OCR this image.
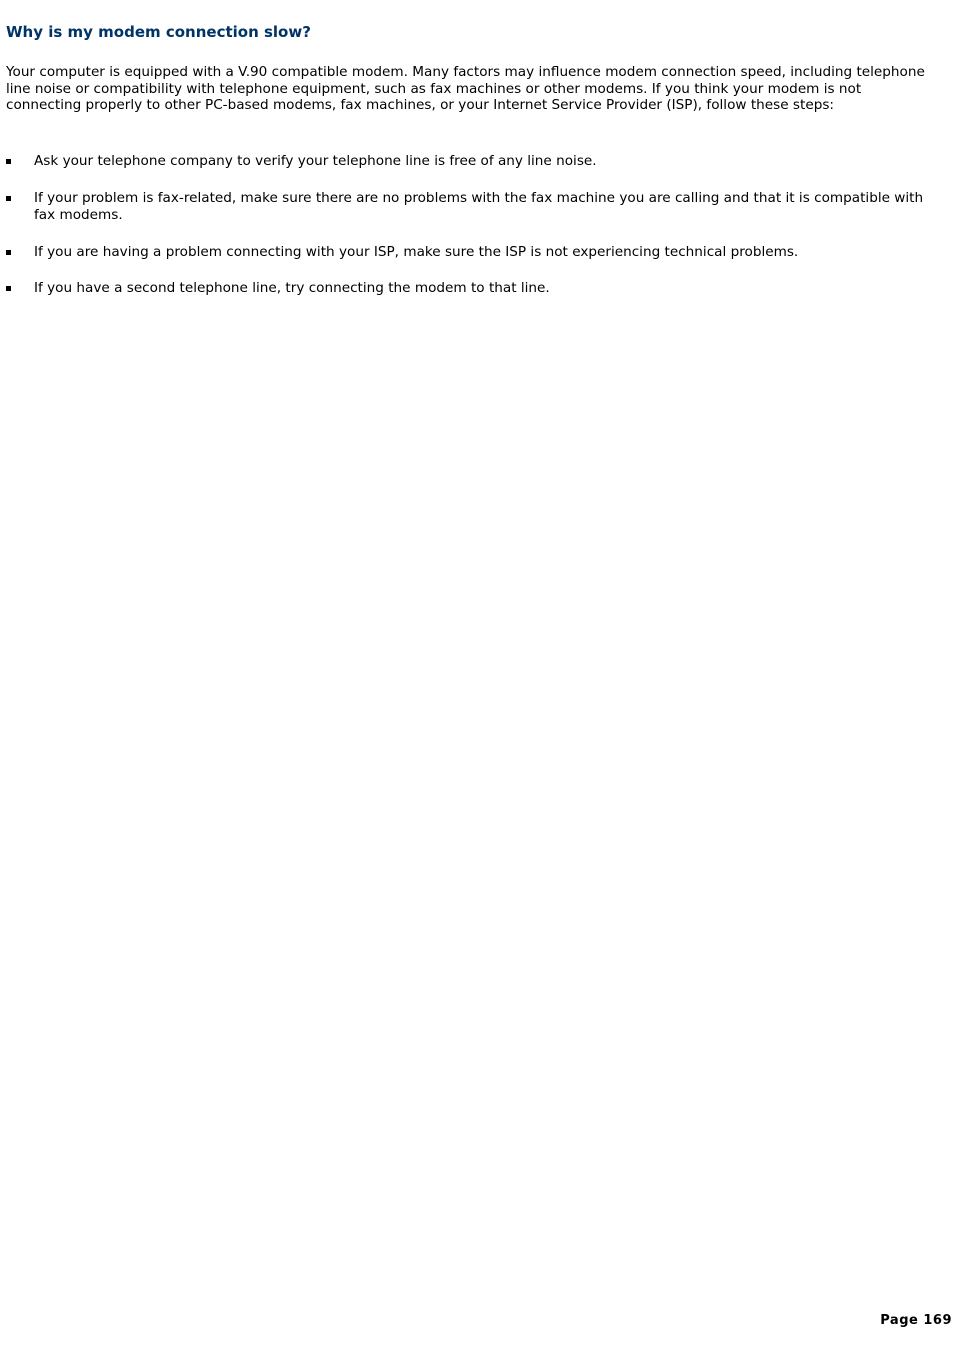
Why is my modem connection slow?

Your computer is equipped with a V.90 compatible modem. Many factors may influence modem connection speed, including telephone line noise or compatibility with telephone equipment, such as fax machines or other modems. If you think your modem is not connecting properly to other PC-based modems, fax machines, or your Internet Service Provider (ISP), follow these steps:

Ask your telephone company to verify your telephone line is free of any line noise.
If your problem is fax-related, make sure there are no problems with the fax machine you are calling and that it is compatible with fax modems.
If you are having a problem connecting with your ISP, make sure the ISP is not experiencing technical problems.
If you have a second telephone line, try connecting the modem to that line.
Page 169
